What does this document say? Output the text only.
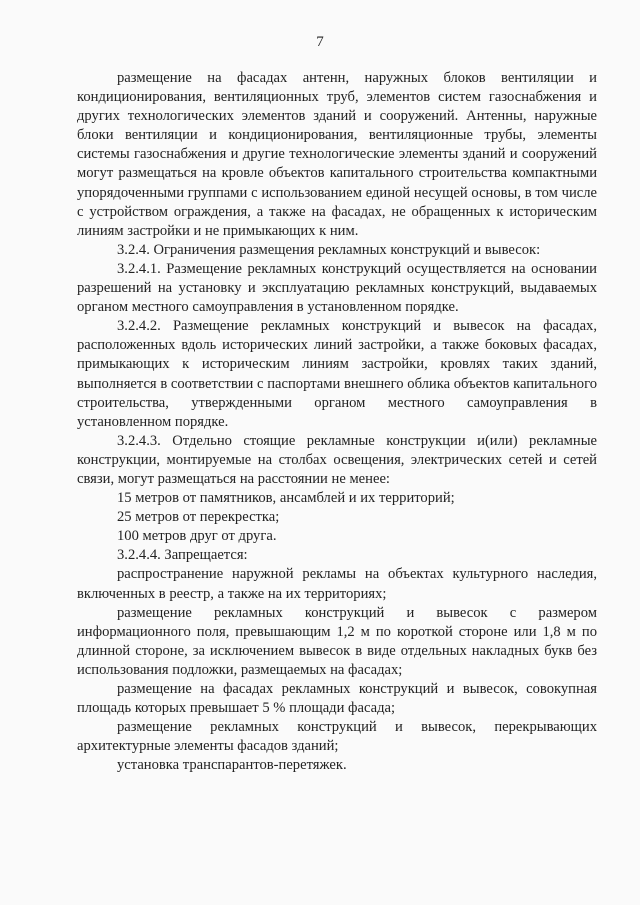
7

размещение на фасадах антенн, наружных блоков вентиляции и кондиционирования, вентиляционных труб, элементов систем газоснабжения и других технологических элементов зданий и сооружений. Антенны, наружные блоки вентиляции и кондиционирования, вентиляционные трубы, элементы системы газоснабжения и другие технологические элементы зданий и сооружений могут размещаться на кровле объектов капитального строительства компактными упорядоченными группами с использованием единой несущей основы, в том числе с устройством ограждения, а также на фасадах, не обращенных к историческим линиям застройки и не примыкающих к ним.

3.2.4. Ограничения размещения рекламных конструкций и вывесок:

3.2.4.1. Размещение рекламных конструкций осуществляется на основании разрешений на установку и эксплуатацию рекламных конструкций, выдаваемых органом местного самоуправления в установленном порядке.

3.2.4.2. Размещение рекламных конструкций и вывесок на фасадах, расположенных вдоль исторических линий застройки, а также боковых фасадах, примыкающих к историческим линиям застройки, кровлях таких зданий, выполняется в соответствии с паспортами внешнего облика объектов капитального строительства, утвержденными органом местного самоуправления в установленном порядке.

3.2.4.3. Отдельно стоящие рекламные конструкции и(или) рекламные конструкции, монтируемые на столбах освещения, электрических сетей и сетей связи, могут размещаться на расстоянии не менее:

15 метров от памятников, ансамблей и их территорий;

25 метров от перекрестка;

100 метров друг от друга.

3.2.4.4. Запрещается:

распространение наружной рекламы на объектах культурного наследия, включенных в реестр, а также на их территориях;

размещение рекламных конструкций и вывесок с размером информационного поля, превышающим 1,2 м по короткой стороне или 1,8 м по длинной стороне, за исключением вывесок в виде отдельных накладных букв без использования подложки, размещаемых на фасадах;

размещение на фасадах рекламных конструкций и вывесок, совокупная площадь которых превышает 5 % площади фасада;

размещение рекламных конструкций и вывесок, перекрывающих архитектурные элементы фасадов зданий;

установка транспарантов-перетяжек.
